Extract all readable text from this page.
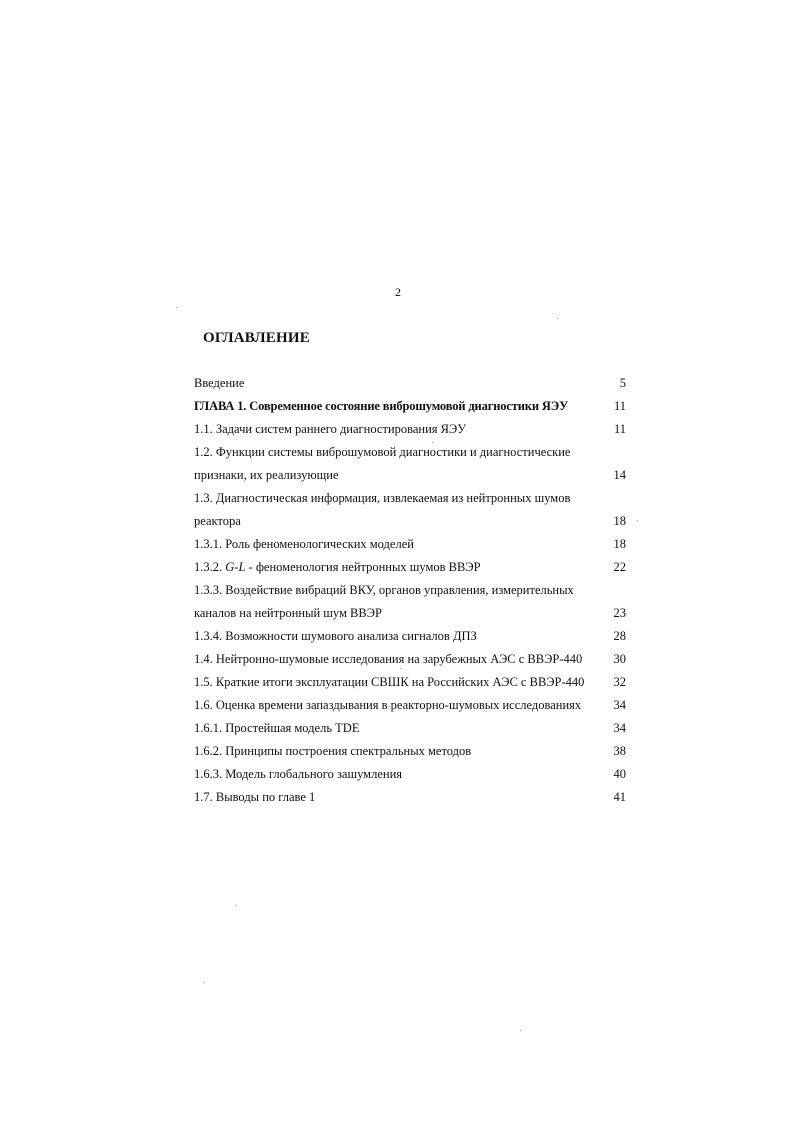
2
ОГЛАВЛЕНИЕ
Введение	5
ГЛАВА 1. Современное состояние виброшумовой диагностики ЯЭУ	11
1.1. Задачи систем раннего диагностирования ЯЭУ	11
1.2. Функции системы виброшумовой диагностики и диагностические признаки, их реализующие	14
1.3. Диагностическая информация, извлекаемая из нейтронных шумов реактора	18
1.3.1. Роль феноменологических моделей	18
1.3.2. G-L - феноменология нейтронных шумов ВВЭР	22
1.3.3. Воздействие вибраций ВКУ, органов управления, измерительных каналов на нейтронный шум ВВЭР	23
1.3.4. Возможности шумового анализа сигналов ДПЗ	28
1.4. Нейтронно-шумовые исследования на зарубежных АЭС с ВВЭР-440	30
1.5. Краткие итоги эксплуатации СВШК на Российских АЭС с ВВЭР-440	32
1.6. Оценка времени запаздывания в реакторно-шумовых исследованиях	34
1.6.1. Простейшая модель TDE	34
1.6.2. Принципы построения спектральных методов	38
1.6.3. Модель глобального зашумления	40
1.7. Выводы по главе 1	41
